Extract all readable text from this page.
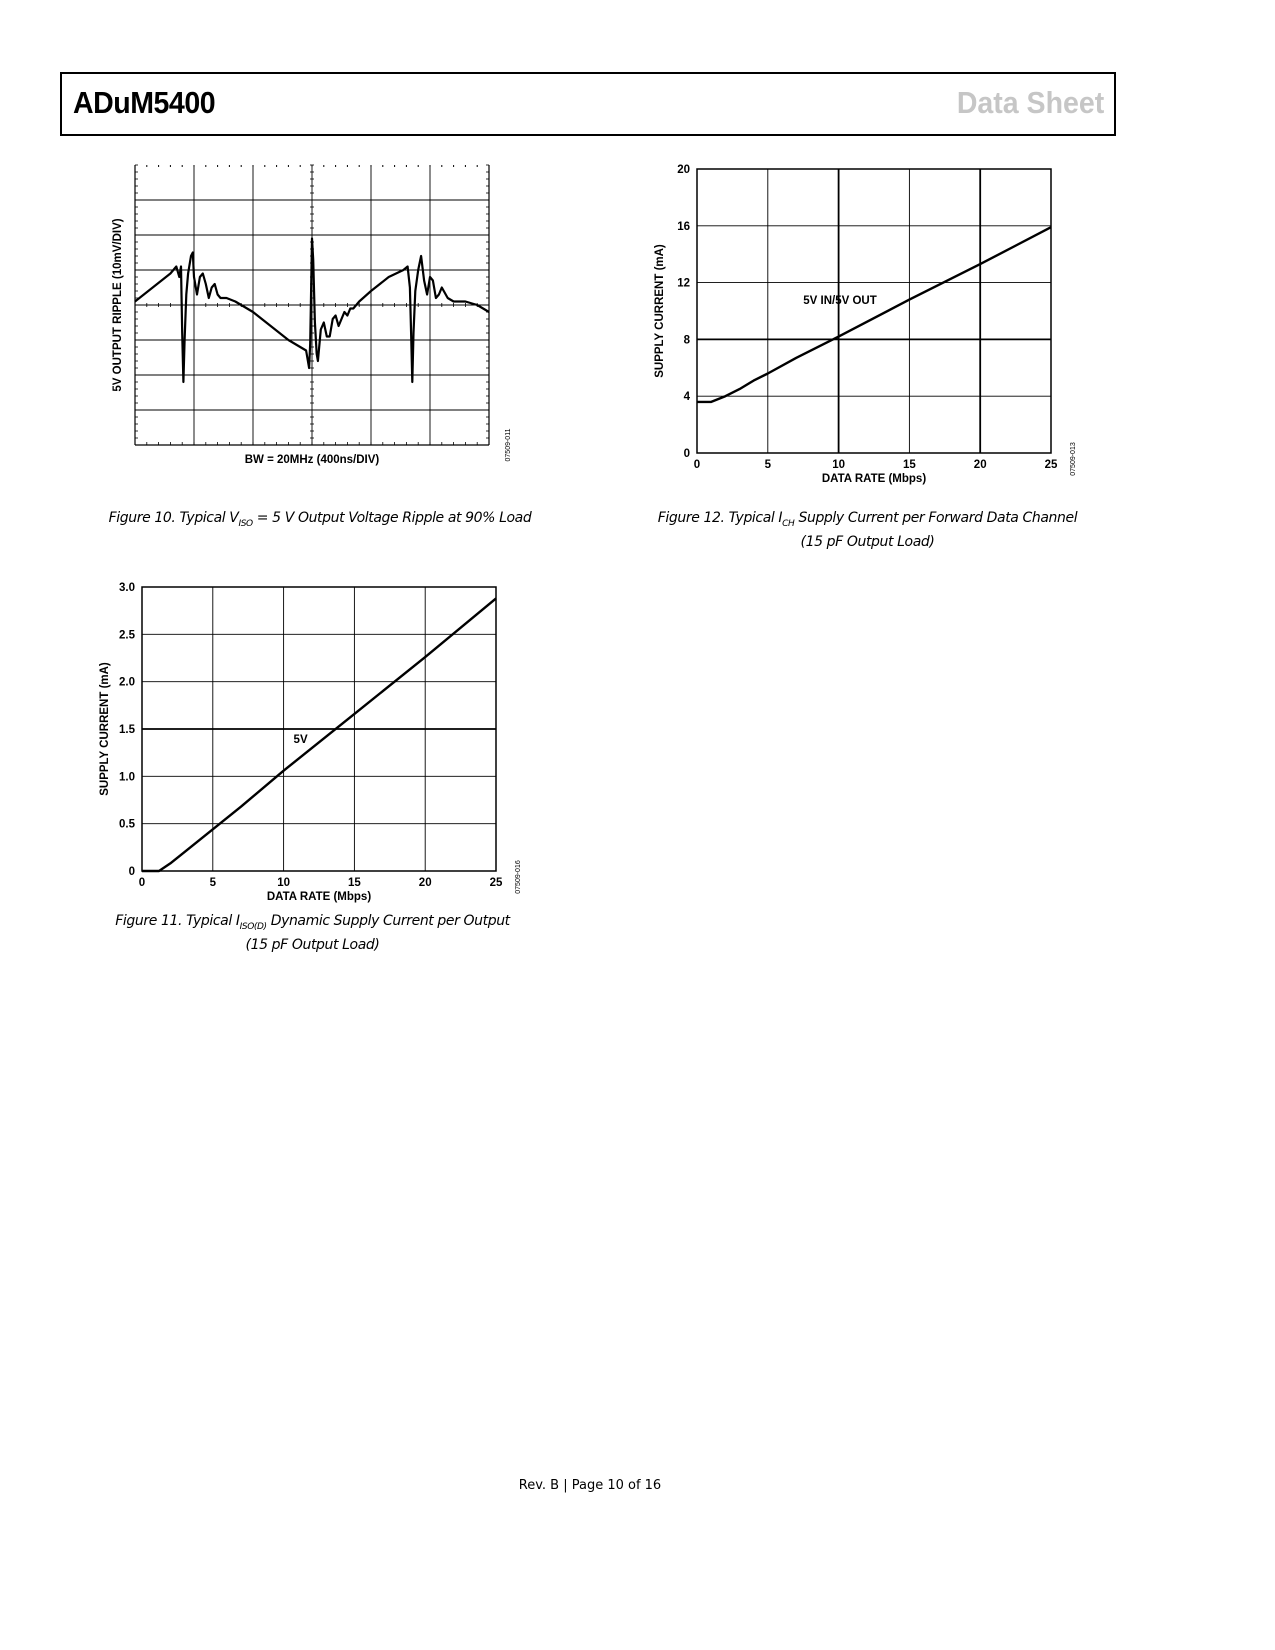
ADuM5400	Data Sheet
BW = 20MHz (400ns/DIV)
5V OUTPUT RIPPLE (10mV/DIV)
07509-011
Figure 10. Typical $V_{ISO} = 5$ V Output Voltage Ripple at 90% Load
0	5	10	15	20	25
0
4
8
12
16
20
DATA RATE (Mbps)
SUPPLY CURRENT (mA)	5V IN/5V OUT
07509-013
Figure 12. Typical $I_{CH}$ Supply Current per Forward Data Channel
(15 pF Output Load)
0	5	10	15	20	25
0
0.5
1.0
1.5
2.0
2.5
3.0
DATA RATE (Mbps)
SUPPLY CURRENT (mA)	5V
07509-016
Figure 11. Typical $I_{ISO(D)}$ Dynamic Supply Current per Output
(15 pF Output Load)
Rev. B | Page 10 of 16
